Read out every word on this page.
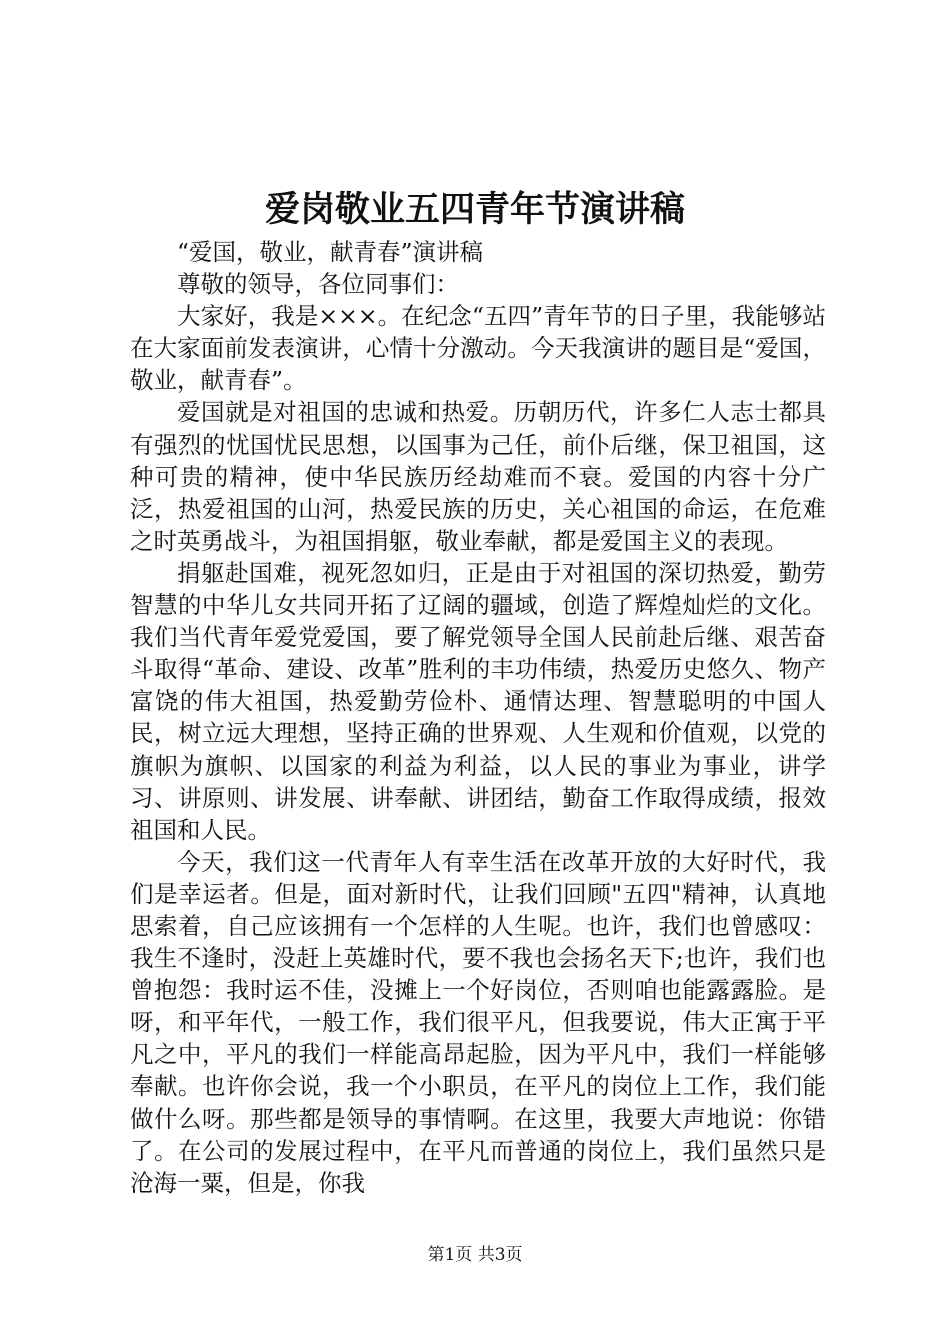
爱岗敬业五四青年节演讲稿

“爱国，敬业，献青春”演讲稿

尊敬的领导，各位同事们：

大家好，我是×××。在纪念“五四”青年节的日子里，我能够站在大家面前发表演讲，心情十分激动。今天我演讲的题目是“爱国，敬业，献青春”。

爱国就是对祖国的忠诚和热爱。历朝历代，许多仁人志士都具有强烈的忧国忧民思想，以国事为己任，前仆后继，保卫祖国，这种可贵的精神，使中华民族历经劫难而不衰。爱国的内容十分广泛，热爱祖国的山河，热爱民族的历史，关心祖国的命运，在危难之时英勇战斗，为祖国捐躯，敬业奉献，都是爱国主义的表现。

捐躯赴国难，视死忽如归，正是由于对祖国的深切热爱，勤劳智慧的中华儿女共同开拓了辽阔的疆域，创造了辉煌灿烂的文化。我们当代青年爱党爱国，要了解党领导全国人民前赴后继、艰苦奋斗取得“革命、建设、改革”胜利的丰功伟绩，热爱历史悠久、物产富饶的伟大祖国，热爱勤劳俭朴、通情达理、智慧聪明的中国人民，树立远大理想，坚持正确的世界观、人生观和价值观，以党的旗帜为旗帜、以国家的利益为利益，以人民的事业为事业，讲学习、讲原则、讲发展、讲奉献、讲团结，勤奋工作取得成绩，报效祖国和人民。

今天，我们这一代青年人有幸生活在改革开放的大好时代，我们是幸运者。但是，面对新时代，让我们回顾"五四"精神，认真地思索着，自己应该拥有一个怎样的人生呢。也许，我们也曾感叹：我生不逢时，没赶上英雄时代，要不我也会扬名天下;也许，我们也曾抱怨：我时运不佳，没摊上一个好岗位，否则咱也能露露脸。是呀，和平年代，一般工作，我们很平凡，但我要说，伟大正寓于平凡之中，平凡的我们一样能高昂起脸，因为平凡中，我们一样能够奉献。也许你会说，我一个小职员，在平凡的岗位上工作，我们能做什么呀。那些都是领导的事情啊。在这里，我要大声地说：你错了。在公司的发展过程中，在平凡而普通的岗位上，我们虽然只是沧海一粟，但是，你我

第1页 共3页
